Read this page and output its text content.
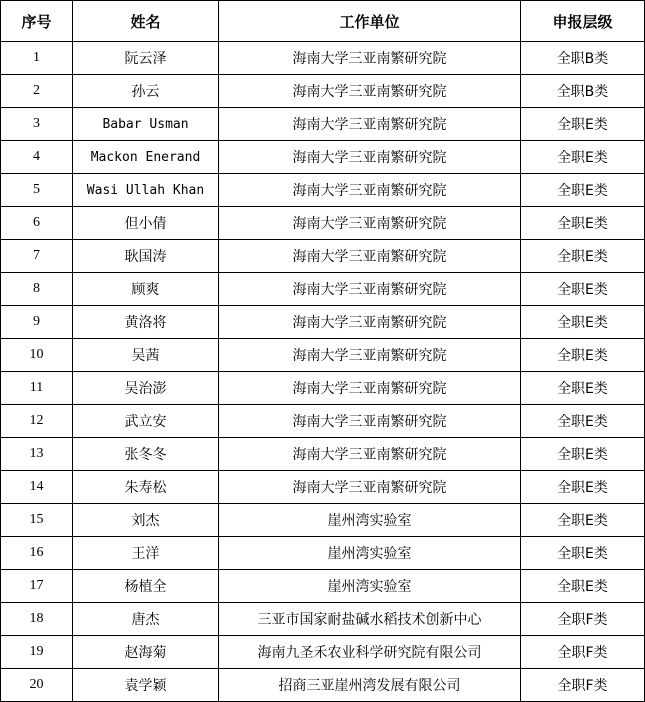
序号	姓名	工作单位	申报层级
1	阮云泽	海南大学三亚南繁研究院	全职B类
2	孙云	海南大学三亚南繁研究院	全职B类
3	Babar Usman	海南大学三亚南繁研究院	全职E类
4	Mackon Enerand	海南大学三亚南繁研究院	全职E类
5	Wasi Ullah Khan	海南大学三亚南繁研究院	全职E类
6	但小倩	海南大学三亚南繁研究院	全职E类
7	耿国涛	海南大学三亚南繁研究院	全职E类
8	顾爽	海南大学三亚南繁研究院	全职E类
9	黄洛将	海南大学三亚南繁研究院	全职E类
10	吴茜	海南大学三亚南繁研究院	全职E类
11	吴治澎	海南大学三亚南繁研究院	全职E类
12	武立安	海南大学三亚南繁研究院	全职E类
13	张冬冬	海南大学三亚南繁研究院	全职E类
14	朱寿松	海南大学三亚南繁研究院	全职E类
15	刘杰	崖州湾实验室	全职E类
16	王洋	崖州湾实验室	全职E类
17	杨植全	崖州湾实验室	全职E类
18	唐杰	三亚市国家耐盐碱水稻技术创新中心	全职F类
19	赵海菊	海南九圣禾农业科学研究院有限公司	全职F类
20	袁学颖	招商三亚崖州湾发展有限公司	全职F类
